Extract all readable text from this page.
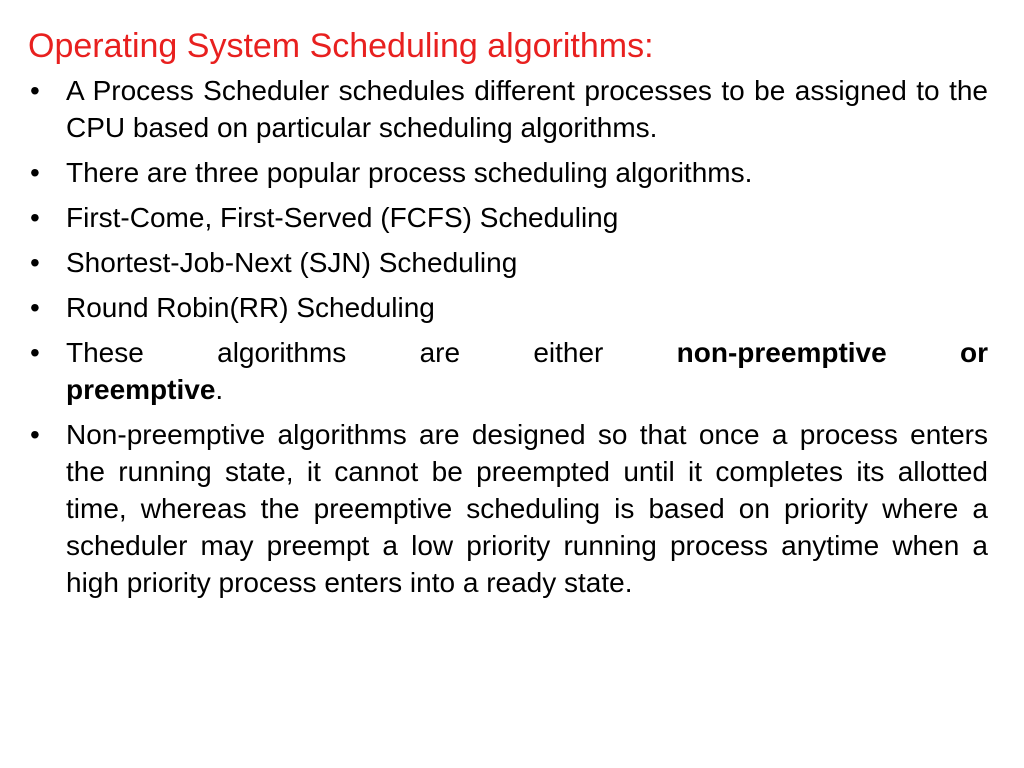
Operating System Scheduling algorithms:
• A Process Scheduler schedules different processes to be assigned to the CPU based on particular scheduling algorithms.
• There are three popular process scheduling algorithms.
• First-Come, First-Served (FCFS) Scheduling
• Shortest-Job-Next (SJN) Scheduling
• Round Robin(RR) Scheduling
• These algorithms are either non-preemptive or
preemptive.
• Non-preemptive algorithms are designed so that once a process enters the running state, it cannot be preempted until it completes its allotted time, whereas the preemptive scheduling is based on priority where a scheduler may preempt a low priority running process anytime when a high priority process enters into a ready state.
